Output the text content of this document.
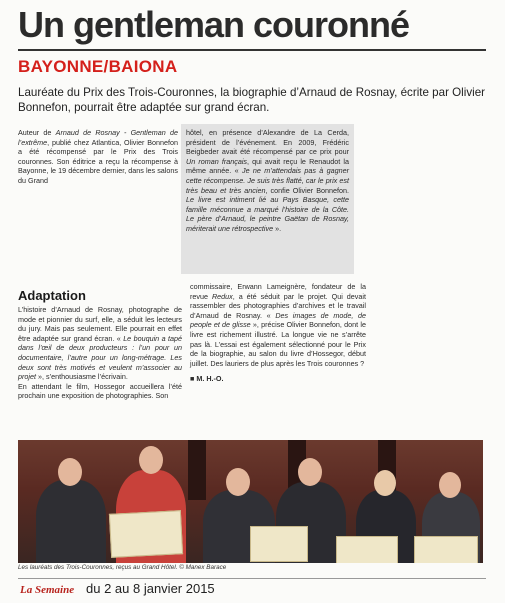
Un gentleman couronné
BAYONNE/BAIONA
Lauréate du Prix des Trois-Couronnes, la biographie d’Arnaud de Rosnay, écrite par Olivier Bonnefon, pourrait être adaptée sur grand écran.

Auteur de Arnaud de Rosnay - Gentleman de l’extrême, publié chez Atlantica, Olivier Bonnefon a été récompensé par le Prix des Trois couronnes. Son éditrice a reçu la récompense à Bayonne, le 19 décembre dernier, dans les salons du Grand

hôtel, en présence d’Alexandre de La Cerda, président de l’événement. En 2009, Frédéric Beigbeder avait été récompensé par ce prix pour Un roman français, qui avait reçu le Renaudot la même année. « Je ne m’attendais pas à gagner cette récompense. Je suis très flatté, car le prix est très beau et très ancien, confie Olivier Bonnefon. Le livre est intiment lié au Pays Basque, cette famille méconnue a marqué l’histoire de la Côte. Le père d’Arnaud, le peintre Gaëtan de Rosnay, mériterait une rétrospective ».

Adaptation

L’histoire d’Arnaud de Rosnay, photographe de mode et pionnier du surf, elle, a séduit les lecteurs du jury. Mais pas seulement. Elle pourrait en effet être adaptée sur grand écran. « Le bouquin a tapé dans l’œil de deux producteurs : l’un pour un documentaire, l’autre pour un long-métrage. Les deux sont très motivés et veulent m’associer au projet », s’enthousiasme l’écrivain.

En attendant le film, Hossegor accueillera l’été prochain une exposition de photographies. Son

commissaire, Erwann Lameignère, fondateur de la revue Redux, a été séduit par le projet. Qui devait rassembler des photographies d’archives et le travail d’Arnaud de Rosnay. « Des images de mode, de people et de glisse », précise Olivier Bonnefon, dont le livre est richement illustré. La longue vie ne s’arrête pas là. L’essai est également sélectionné pour le Prix de la biographie, au salon du livre d’Hossegor, début juillet. Des lauriers de plus après les Trois couronnes ?

■ M. H.-O.

Les lauréats des Trois-Couronnes, reçus au Grand Hôtel. © Manex Barace
La Semaine du 2 au 8 janvier 2015
